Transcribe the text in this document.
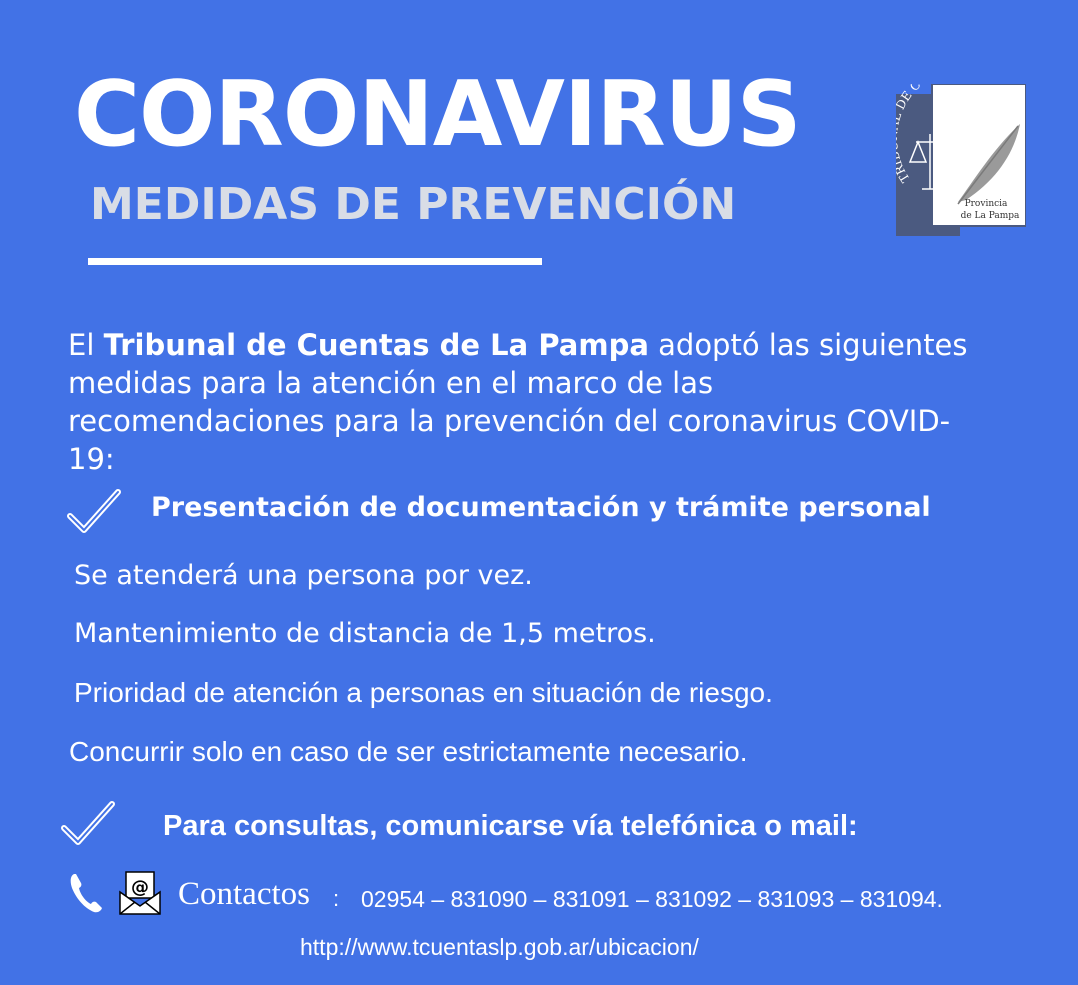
CORONAVIRUS
MEDIDAS DE PREVENCIÓN
T E C
Provincia
de La Pampa
El Tribunal de Cuentas de La Pampa adoptó las siguientes medidas para la atención en el marco de las recomendaciones para la prevención del coronavirus COVID-19:
Presentación de documentación y trámite personal
Se atenderá una persona por vez.
Mantenimiento de distancia de 1,5 metros.
Prioridad de atención a personas en situación de riesgo.
Concurrir solo en caso de ser estrictamente necesario.
Para consultas, comunicarse vía telefónica o mail:
@ Contactos : 02954 – 831090 – 831091 – 831092 – 831093 – 831094.
http://www.tcuentaslp.gob.ar/ubicacion/
